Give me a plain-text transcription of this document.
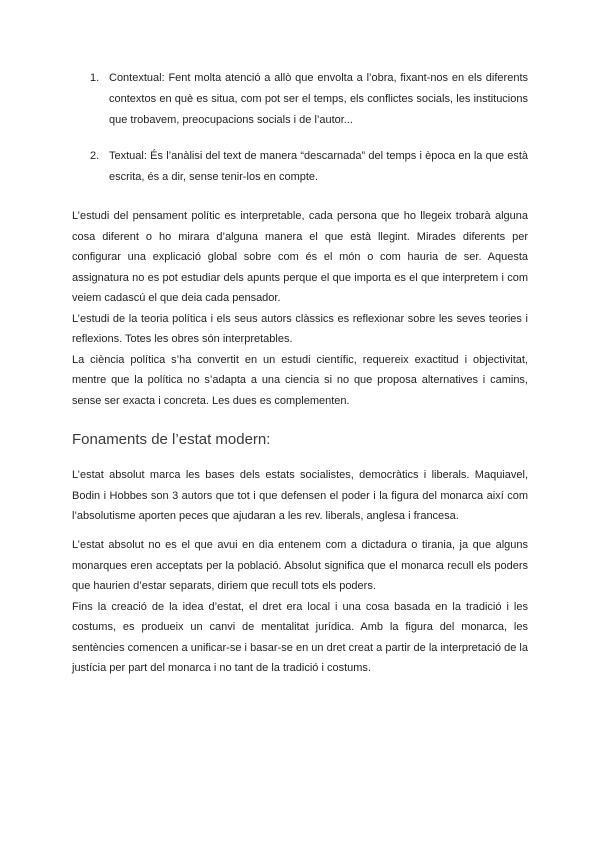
1. Contextual: Fent molta atenció a allò que envolta a l’obra, fixant-nos en els diferents contextos en què es situa, com pot ser el temps, els conflictes socials, les institucions que trobavem, preocupacions socials i de l’autor...
2. Textual: És l’anàlisi del text de manera “descarnada” del temps i època en la que està escrita, és a dir, sense tenir-los en compte.

L’estudi del pensament polític es interpretable, cada persona que ho llegeix trobarà alguna cosa diferent o ho mirara d’alguna manera el que està llegint. Mirades diferents per configurar una explicació global sobre com és el món o com hauria de ser. Aquesta assignatura no es pot estudiar dels apunts perque el que importa es el que interpretem i com veiem cadascú el que deia cada pensador.

L’estudi de la teoria política i els seus autors clàssics es reflexionar sobre les seves teories i reflexions. Totes les obres són interpretables.

La ciència política s’ha convertit en un estudi científic, requereix exactitud i objectivitat, mentre que la política no s’adapta a una ciencia si no que proposa alternatives i camins, sense ser exacta i concreta. Les dues es complementen.

Fonaments de l’estat modern:

L’estat absolut marca les bases dels estats socialistes, democràtics i liberals. Maquiavel, Bodin i Hobbes son 3 autors que tot i que defensen el poder i la figura del monarca així com l’absolutisme aporten peces que ajudaran a les rev. liberals, anglesa i francesa.

L’estat absolut no es el que avui en dia entenem com a dictadura o tirania, ja que alguns monarques eren acceptats per la població. Absolut significa que el monarca recull els poders que haurien d’estar separats, diriem que recull tots els poders.

Fins la creació de la idea d’estat, el dret era local i una cosa basada en la tradició i les costums, es produeix un canvi de mentalitat jurídica. Amb la figura del monarca, les sentències comencen a unificar-se i basar-se en un dret creat a partir de la interpretació de la justícia per part del monarca i no tant de la tradició i costums.
